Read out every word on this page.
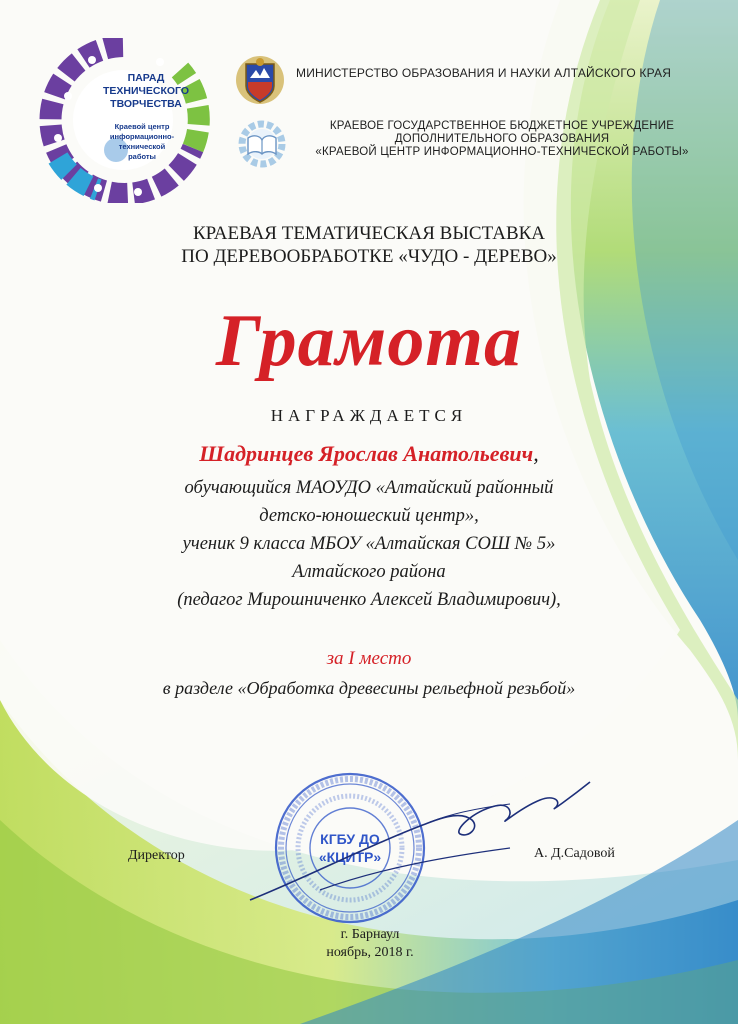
ПАРАД
ТЕХНИЧЕСКОГО
ТВОРЧЕСТВА
Краевой центр
информационно-технической
работы
МИНИСТЕРСТВО ОБРАЗОВАНИЯ И НАУКИ АЛТАЙСКОГО КРАЯ
КРАЕВОЕ ГОСУДАРСТВЕННОЕ БЮДЖЕТНОЕ УЧРЕЖДЕНИЕ
ДОПОЛНИТЕЛЬНОГО ОБРАЗОВАНИЯ
«КРАЕВОЙ ЦЕНТР ИНФОРМАЦИОННО-ТЕХНИЧЕСКОЙ РАБОТЫ»
КРАЕВАЯ ТЕМАТИЧЕСКАЯ ВЫСТАВКА
ПО ДЕРЕВООБРАБОТКЕ «ЧУДО - ДЕРЕВО»
Грамота
НАГРАЖДАЕТСЯ
Шадринцев Ярослав Анатольевич,
обучающийся МАОУДО «Алтайский районный
детско-юношеский центр»,
ученик 9 класса МБОУ «Алтайская СОШ № 5»
Алтайского района
(педагог Мирошниченко Алексей Владимирович),
за I место
в разделе «Обработка древесины рельефной резьбой»
Директор	А. Д.Садовой
КГБУ ДО
«КЦИТР»
г. Барнаул
ноябрь, 2018 г.
